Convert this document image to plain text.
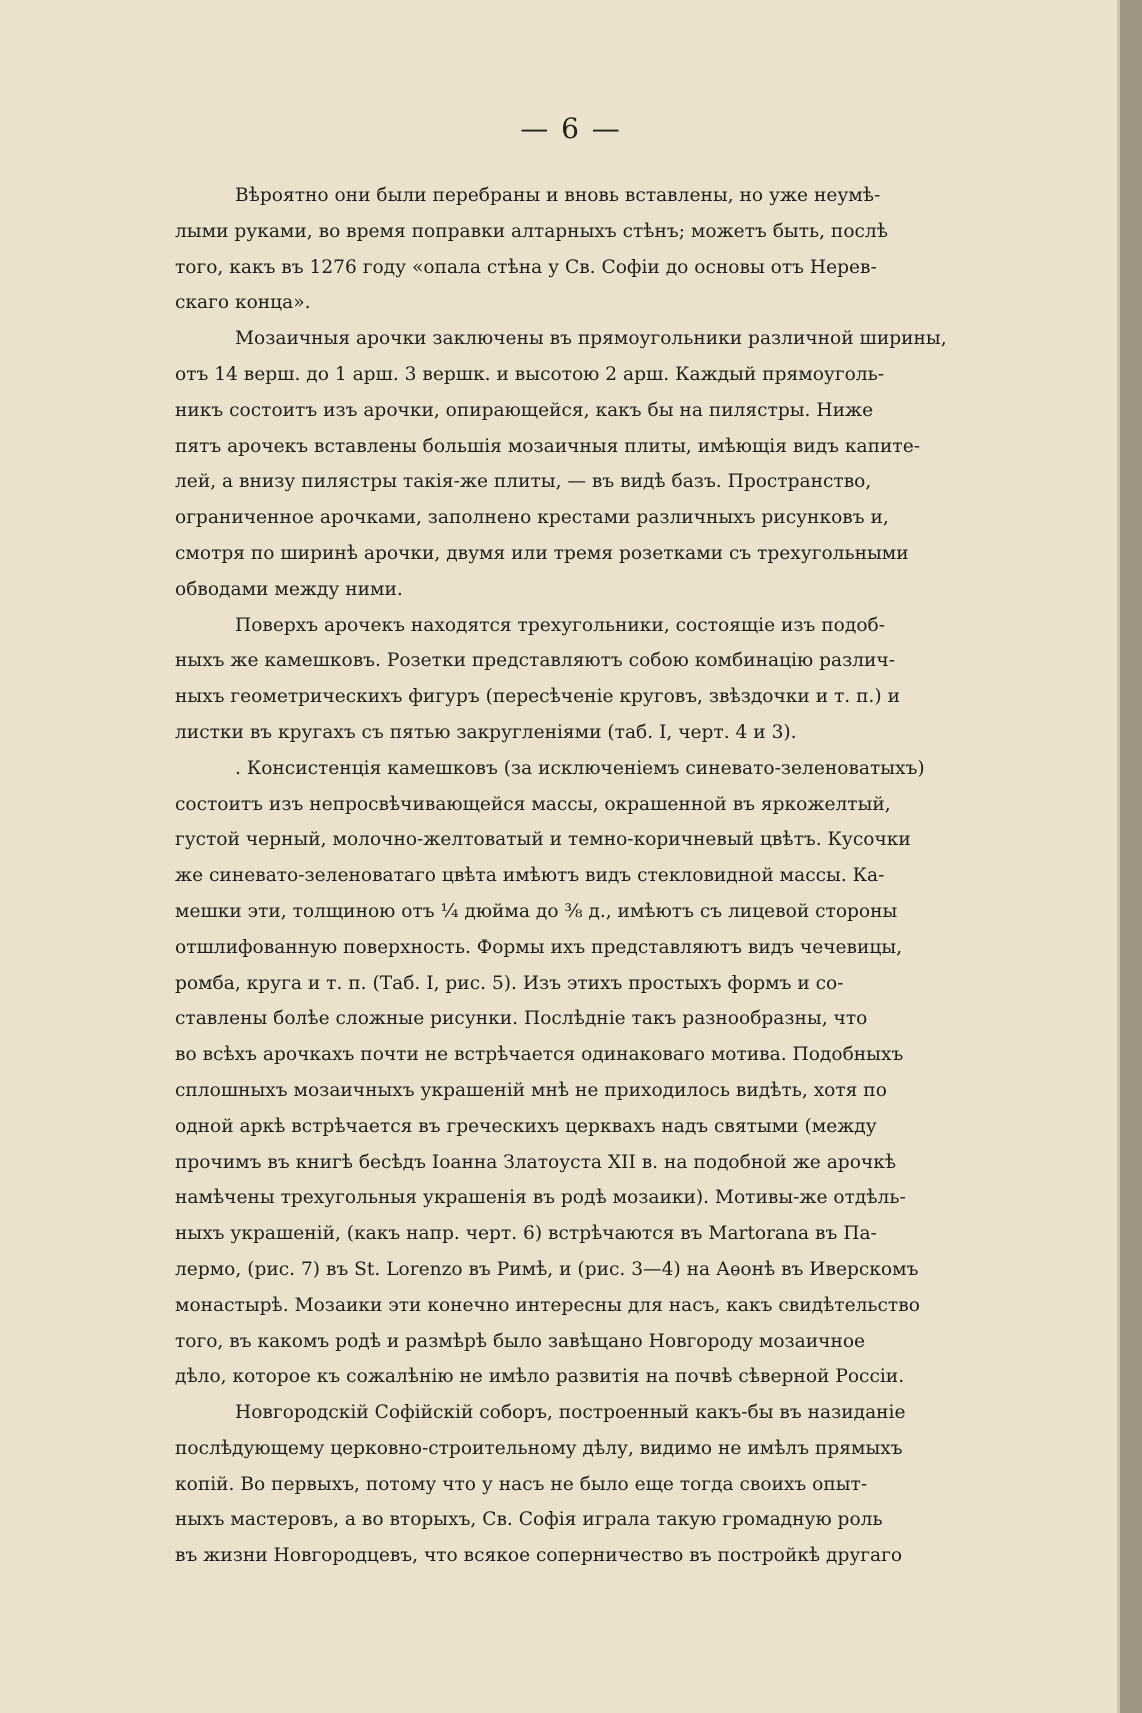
— 6 —
Вѣроятно они были перебраны и вновь вставлены, но уже неумѣ-
лыми руками, во время поправки алтарныхъ стѣнъ; можетъ быть, послѣ
того, какъ въ 1276 году «опала стѣна у Св. Софіи до основы отъ Нерев-
скаго конца».
Мозаичныя арочки заключены въ прямоугольники различной ширины,
отъ 14 верш. до 1 арш. 3 вершк. и высотою 2 арш. Каждый прямоуголь-
никъ состоитъ изъ арочки, опирающейся, какъ бы на пилястры. Ниже
пятъ арочекъ вставлены большія мозаичныя плиты, имѣющія видъ капите-
лей, а внизу пилястры такія-же плиты, — въ видѣ базъ. Пространство,
ограниченное арочками, заполнено крестами различныхъ рисунковъ и,
смотря по ширинѣ арочки, двумя или тремя розетками съ трехугольными
обводами между ними.
Поверхъ арочекъ находятся трехугольники, состоящіе изъ подоб-
ныхъ же камешковъ. Розетки представляютъ собою комбинацію различ-
ныхъ геометрическихъ фигуръ (пересѣченіе круговъ, звѣздочки и т. п.) и
листки въ кругахъ съ пятью закругленіями (таб. I, черт. 4 и 3).
. Консистенція камешковъ (за исключеніемъ синевато-зеленоватыхъ)
состоитъ изъ непросвѣчивающейся массы, окрашенной въ яркожелтый,
густой черный, молочно-желтоватый и темно-коричневый цвѣтъ. Кусочки
же синевато-зеленоватаго цвѣта имѣютъ видъ стекловидной массы. Ка-
мешки эти, толщиною отъ ¼ дюйма до ⅜ д., имѣютъ съ лицевой стороны
отшлифованную поверхность. Формы ихъ представляютъ видъ чечевицы,
ромба, круга и т. п. (Таб. I, рис. 5). Изъ этихъ простыхъ формъ и со-
ставлены болѣе сложные рисунки. Послѣдніе такъ разнообразны, что
во всѣхъ арочкахъ почти не встрѣчается одинаковаго мотива. Подобныхъ
сплошныхъ мозаичныхъ украшеній мнѣ не приходилось видѣть, хотя по
одной аркѣ встрѣчается въ греческихъ церквахъ надъ святыми (между
прочимъ въ книгѣ бесѣдъ Іоанна Златоуста XII в. на подобной же арочкѣ
намѣчены трехугольныя украшенія въ родѣ мозаики). Мотивы-же отдѣль-
ныхъ украшеній, (какъ напр. черт. 6) встрѣчаются въ Martorana въ Па-
лермо, (рис. 7) въ St. Lorenzo въ Римѣ, и (рис. 3—4) на Аѳонѣ въ Иверскомъ
монастырѣ. Мозаики эти конечно интересны для насъ, какъ свидѣтельство
того, въ какомъ родѣ и размѣрѣ было завѣщано Новгороду мозаичное
дѣло, которое къ сожалѣнію не имѣло развитія на почвѣ сѣверной Россіи.
Новгородскій Софійскій соборъ, построенный какъ-бы въ назиданіе
послѣдующему церковно-строительному дѣлу, видимо не имѣлъ прямыхъ
копій. Во первыхъ, потому что у насъ не было еще тогда своихъ опыт-
ныхъ мастеровъ, а во вторыхъ, Св. Софія играла такую громадную роль
въ жизни Новгородцевъ, что всякое соперничество въ постройкѣ другаго
